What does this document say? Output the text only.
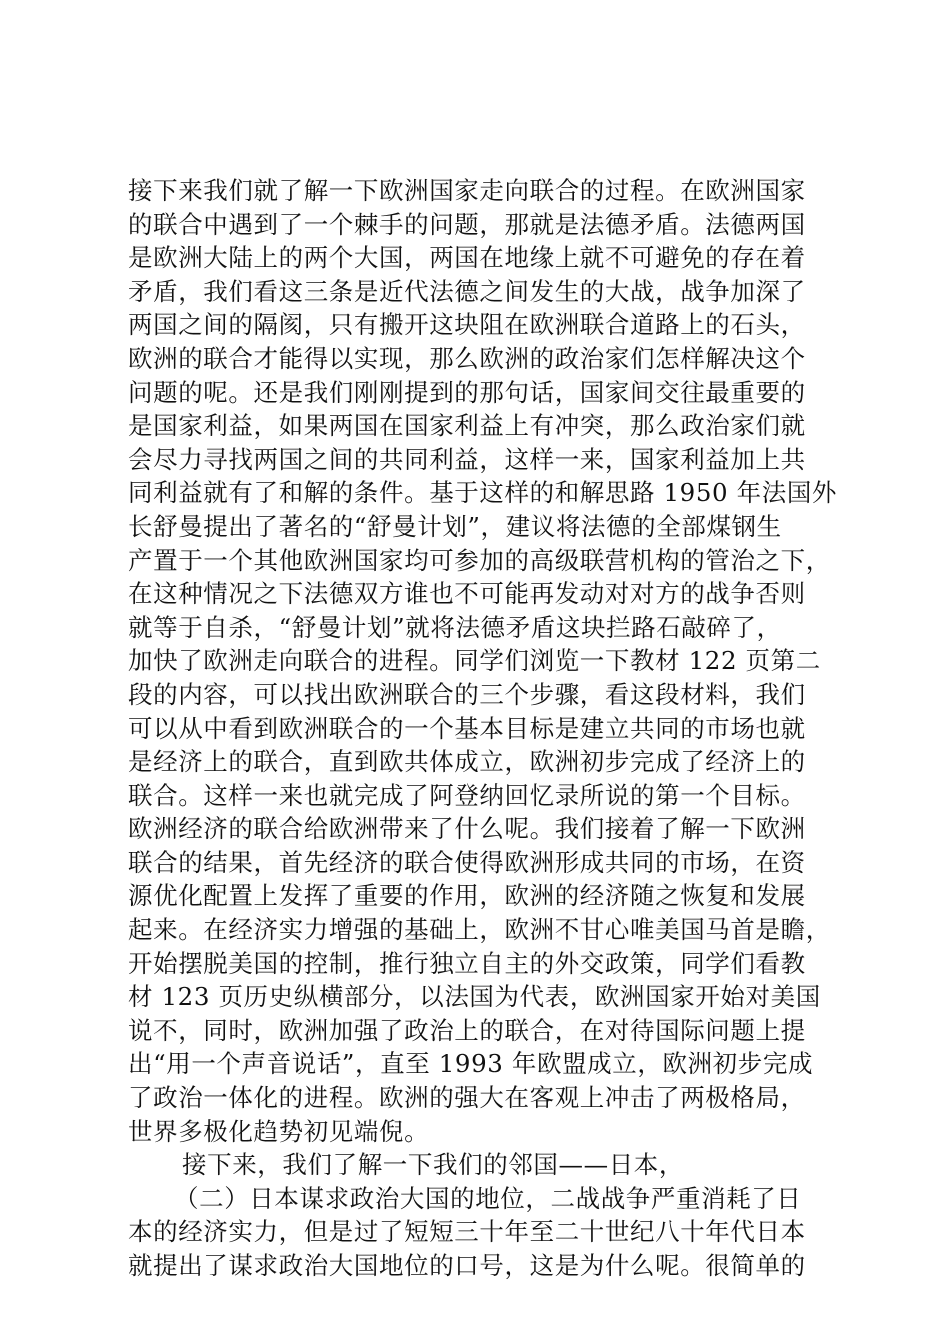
接下来我们就了解一下欧洲国家走向联合的过程。在欧洲国家
的联合中遇到了一个棘手的问题，那就是法德矛盾。法德两国
是欧洲大陆上的两个大国，两国在地缘上就不可避免的存在着
矛盾，我们看这三条是近代法德之间发生的大战，战争加深了
两国之间的隔阂，只有搬开这块阻在欧洲联合道路上的石头，
欧洲的联合才能得以实现，那么欧洲的政治家们怎样解决这个
问题的呢。还是我们刚刚提到的那句话，国家间交往最重要的
是国家利益，如果两国在国家利益上有冲突，那么政治家们就
会尽力寻找两国之间的共同利益，这样一来，国家利益加上共
同利益就有了和解的条件。基于这样的和解思路 1950 年法国外
长舒曼提出了著名的“舒曼计划”，建议将法德的全部煤钢生
产置于一个其他欧洲国家均可参加的高级联营机构的管治之下，
在这种情况之下法德双方谁也不可能再发动对对方的战争否则
就等于自杀，“舒曼计划”就将法德矛盾这块拦路石敲碎了，
加快了欧洲走向联合的进程。同学们浏览一下教材 122 页第二
段的内容，可以找出欧洲联合的三个步骤，看这段材料，我们
可以从中看到欧洲联合的一个基本目标是建立共同的市场也就
是经济上的联合，直到欧共体成立，欧洲初步完成了经济上的
联合。这样一来也就完成了阿登纳回忆录所说的第一个目标。
欧洲经济的联合给欧洲带来了什么呢。我们接着了解一下欧洲
联合的结果，首先经济的联合使得欧洲形成共同的市场，在资
源优化配置上发挥了重要的作用，欧洲的经济随之恢复和发展
起来。在经济实力增强的基础上，欧洲不甘心唯美国马首是瞻，
开始摆脱美国的控制，推行独立自主的外交政策，同学们看教
材 123 页历史纵横部分，以法国为代表，欧洲国家开始对美国
说不，同时，欧洲加强了政治上的联合，在对待国际问题上提
出“用一个声音说话”，直至 1993 年欧盟成立，欧洲初步完成
了政治一体化的进程。欧洲的强大在客观上冲击了两极格局，
世界多极化趋势初见端倪。
接下来，我们了解一下我们的邻国——日本，
（二）日本谋求政治大国的地位，二战战争严重消耗了日
本的经济实力，但是过了短短三十年至二十世纪八十年代日本
就提出了谋求政治大国地位的口号，这是为什么呢。很简单的
